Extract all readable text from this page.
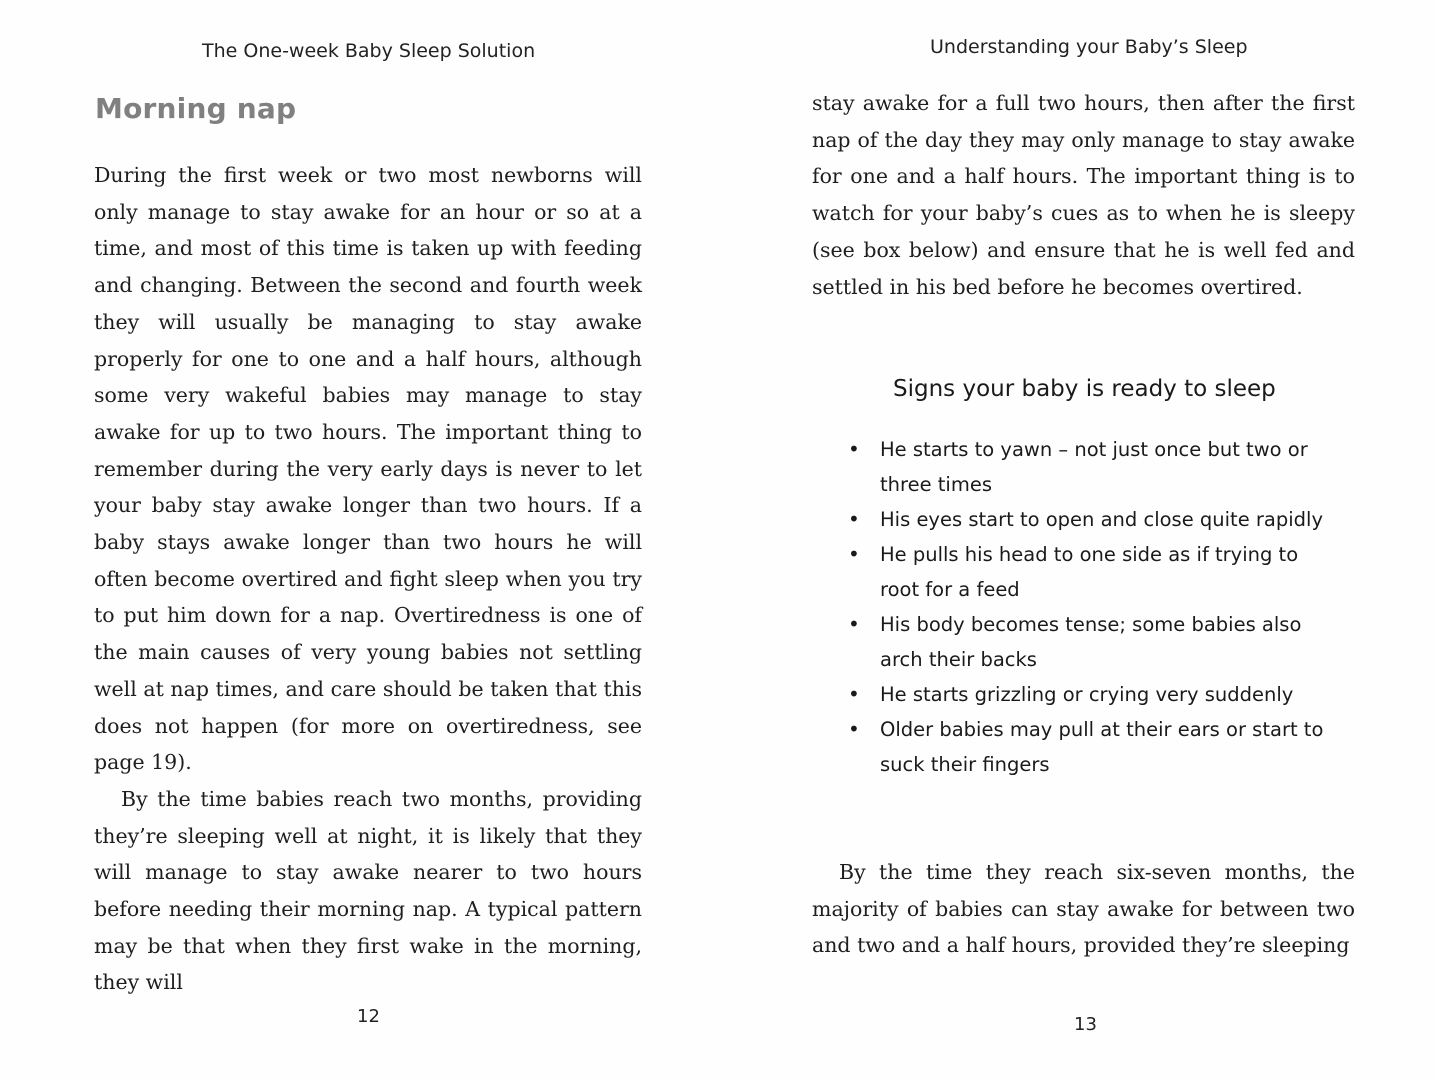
The One-week Baby Sleep Solution
Morning nap

During the first week or two most newborns will only manage to stay awake for an hour or so at a time, and most of this time is taken up with feeding and changing. Between the second and fourth week they will usually be managing to stay awake properly for one to one and a half hours, although some very wakeful babies may manage to stay awake for up to two hours. The important thing to remember during the very early days is never to let your baby stay awake longer than two hours. If a baby stays awake longer than two hours he will often become overtired and fight sleep when you try to put him down for a nap. Overtiredness is one of the main causes of very young babies not settling well at nap times, and care should be taken that this does not happen (for more on overtiredness, see page 19).

By the time babies reach two months, providing they’re sleeping well at night, it is likely that they will manage to stay awake nearer to two hours before needing their morning nap. A typical pattern may be that when they first wake in the morning, they will

12
Understanding your Baby’s Sleep

stay awake for a full two hours, then after the first nap of the day they may only manage to stay awake for one and a half hours. The important thing is to watch for your baby’s cues as to when he is sleepy (see box below) and ensure that he is well fed and settled in his bed before he becomes overtired.

Signs your baby is ready to sleep
• He starts to yawn – not just once but two or three times
• His eyes start to open and close quite rapidly
• He pulls his head to one side as if trying to root for a feed
• His body becomes tense; some babies also arch their backs
• He starts grizzling or crying very suddenly
• Older babies may pull at their ears or start to suck their fingers

By the time they reach six-seven months, the majority of babies can stay awake for between two and two and a half hours, provided they’re sleeping

13
